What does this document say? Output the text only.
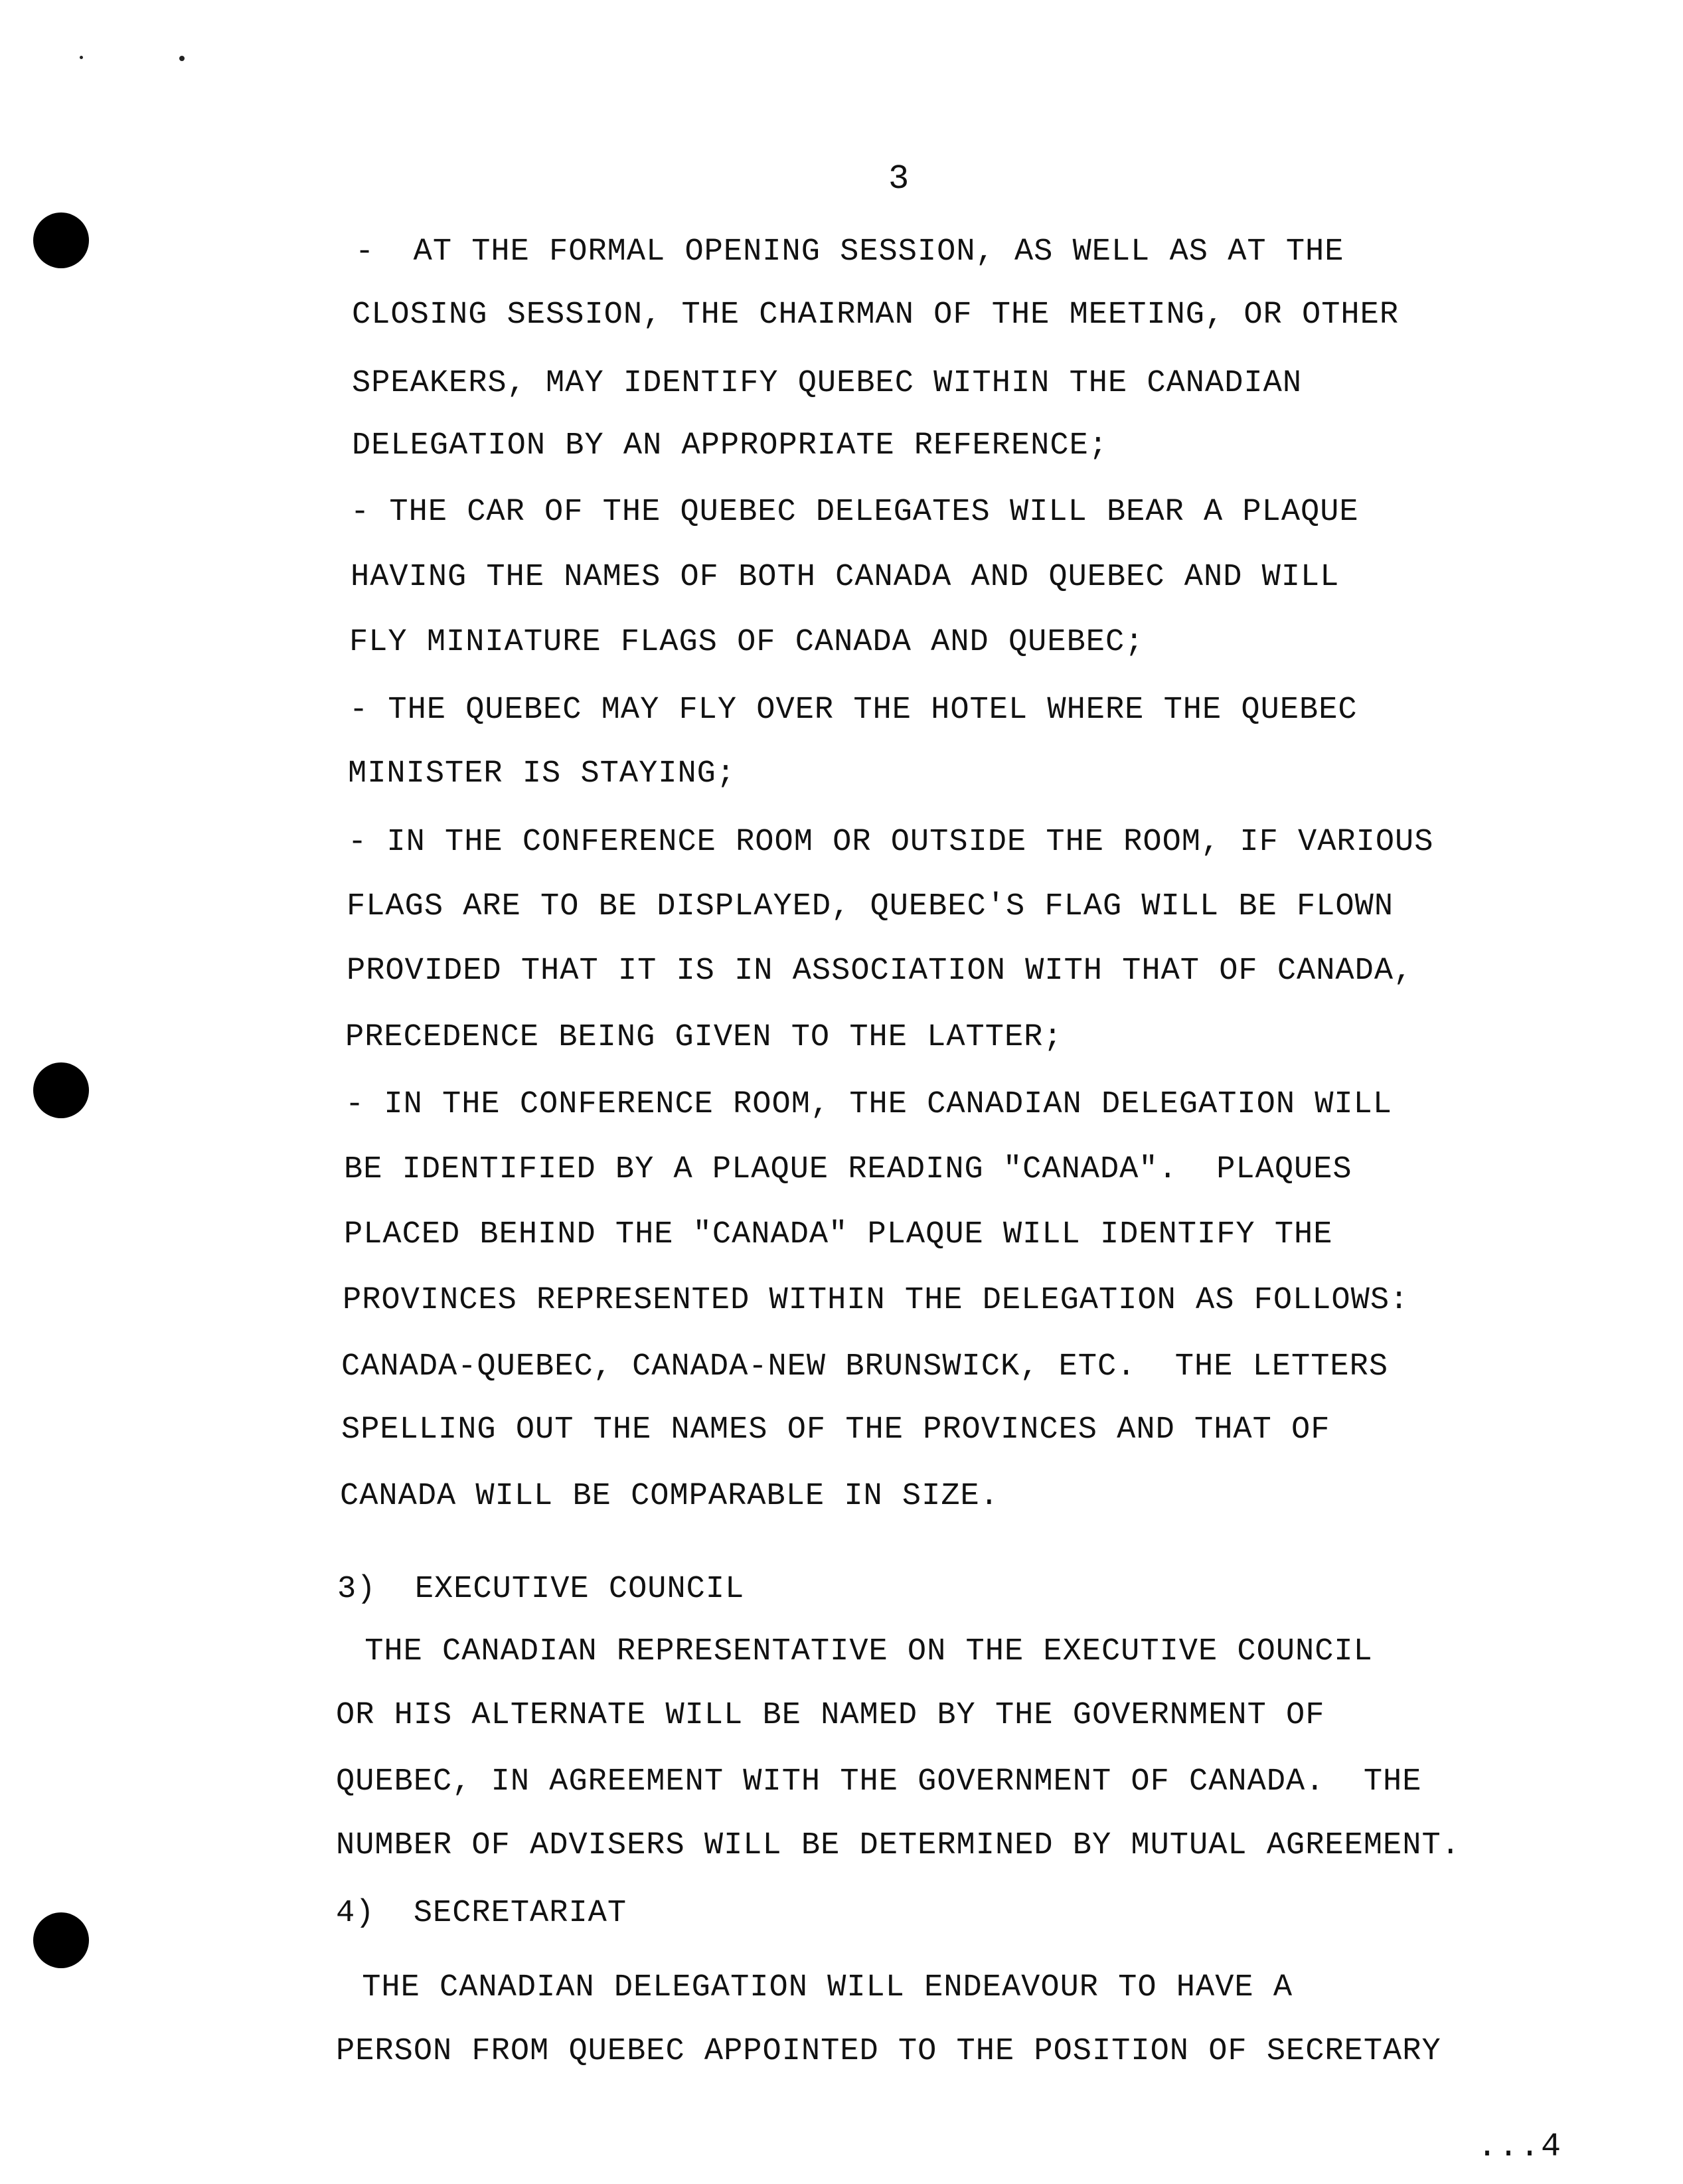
3
-  AT THE FORMAL OPENING SESSION, AS WELL AS AT THE
CLOSING SESSION, THE CHAIRMAN OF THE MEETING, OR OTHER
SPEAKERS, MAY IDENTIFY QUEBEC WITHIN THE CANADIAN
DELEGATION BY AN APPROPRIATE REFERENCE;
- THE CAR OF THE QUEBEC DELEGATES WILL BEAR A PLAQUE
HAVING THE NAMES OF BOTH CANADA AND QUEBEC AND WILL
FLY MINIATURE FLAGS OF CANADA AND QUEBEC;
- THE QUEBEC MAY FLY OVER THE HOTEL WHERE THE QUEBEC
MINISTER IS STAYING;
- IN THE CONFERENCE ROOM OR OUTSIDE THE ROOM, IF VARIOUS
FLAGS ARE TO BE DISPLAYED, QUEBEC'S FLAG WILL BE FLOWN
PROVIDED THAT IT IS IN ASSOCIATION WITH THAT OF CANADA,
PRECEDENCE BEING GIVEN TO THE LATTER;
- IN THE CONFERENCE ROOM, THE CANADIAN DELEGATION WILL
BE IDENTIFIED BY A PLAQUE READING "CANADA".  PLAQUES
PLACED BEHIND THE "CANADA" PLAQUE WILL IDENTIFY THE
PROVINCES REPRESENTED WITHIN THE DELEGATION AS FOLLOWS:
CANADA-QUEBEC, CANADA-NEW BRUNSWICK, ETC.  THE LETTERS
SPELLING OUT THE NAMES OF THE PROVINCES AND THAT OF
CANADA WILL BE COMPARABLE IN SIZE.
3)  EXECUTIVE COUNCIL
THE CANADIAN REPRESENTATIVE ON THE EXECUTIVE COUNCIL
OR HIS ALTERNATE WILL BE NAMED BY THE GOVERNMENT OF
QUEBEC, IN AGREEMENT WITH THE GOVERNMENT OF CANADA.  THE
NUMBER OF ADVISERS WILL BE DETERMINED BY MUTUAL AGREEMENT.
4)  SECRETARIAT
THE CANADIAN DELEGATION WILL ENDEAVOUR TO HAVE A
PERSON FROM QUEBEC APPOINTED TO THE POSITION OF SECRETARY
...4
